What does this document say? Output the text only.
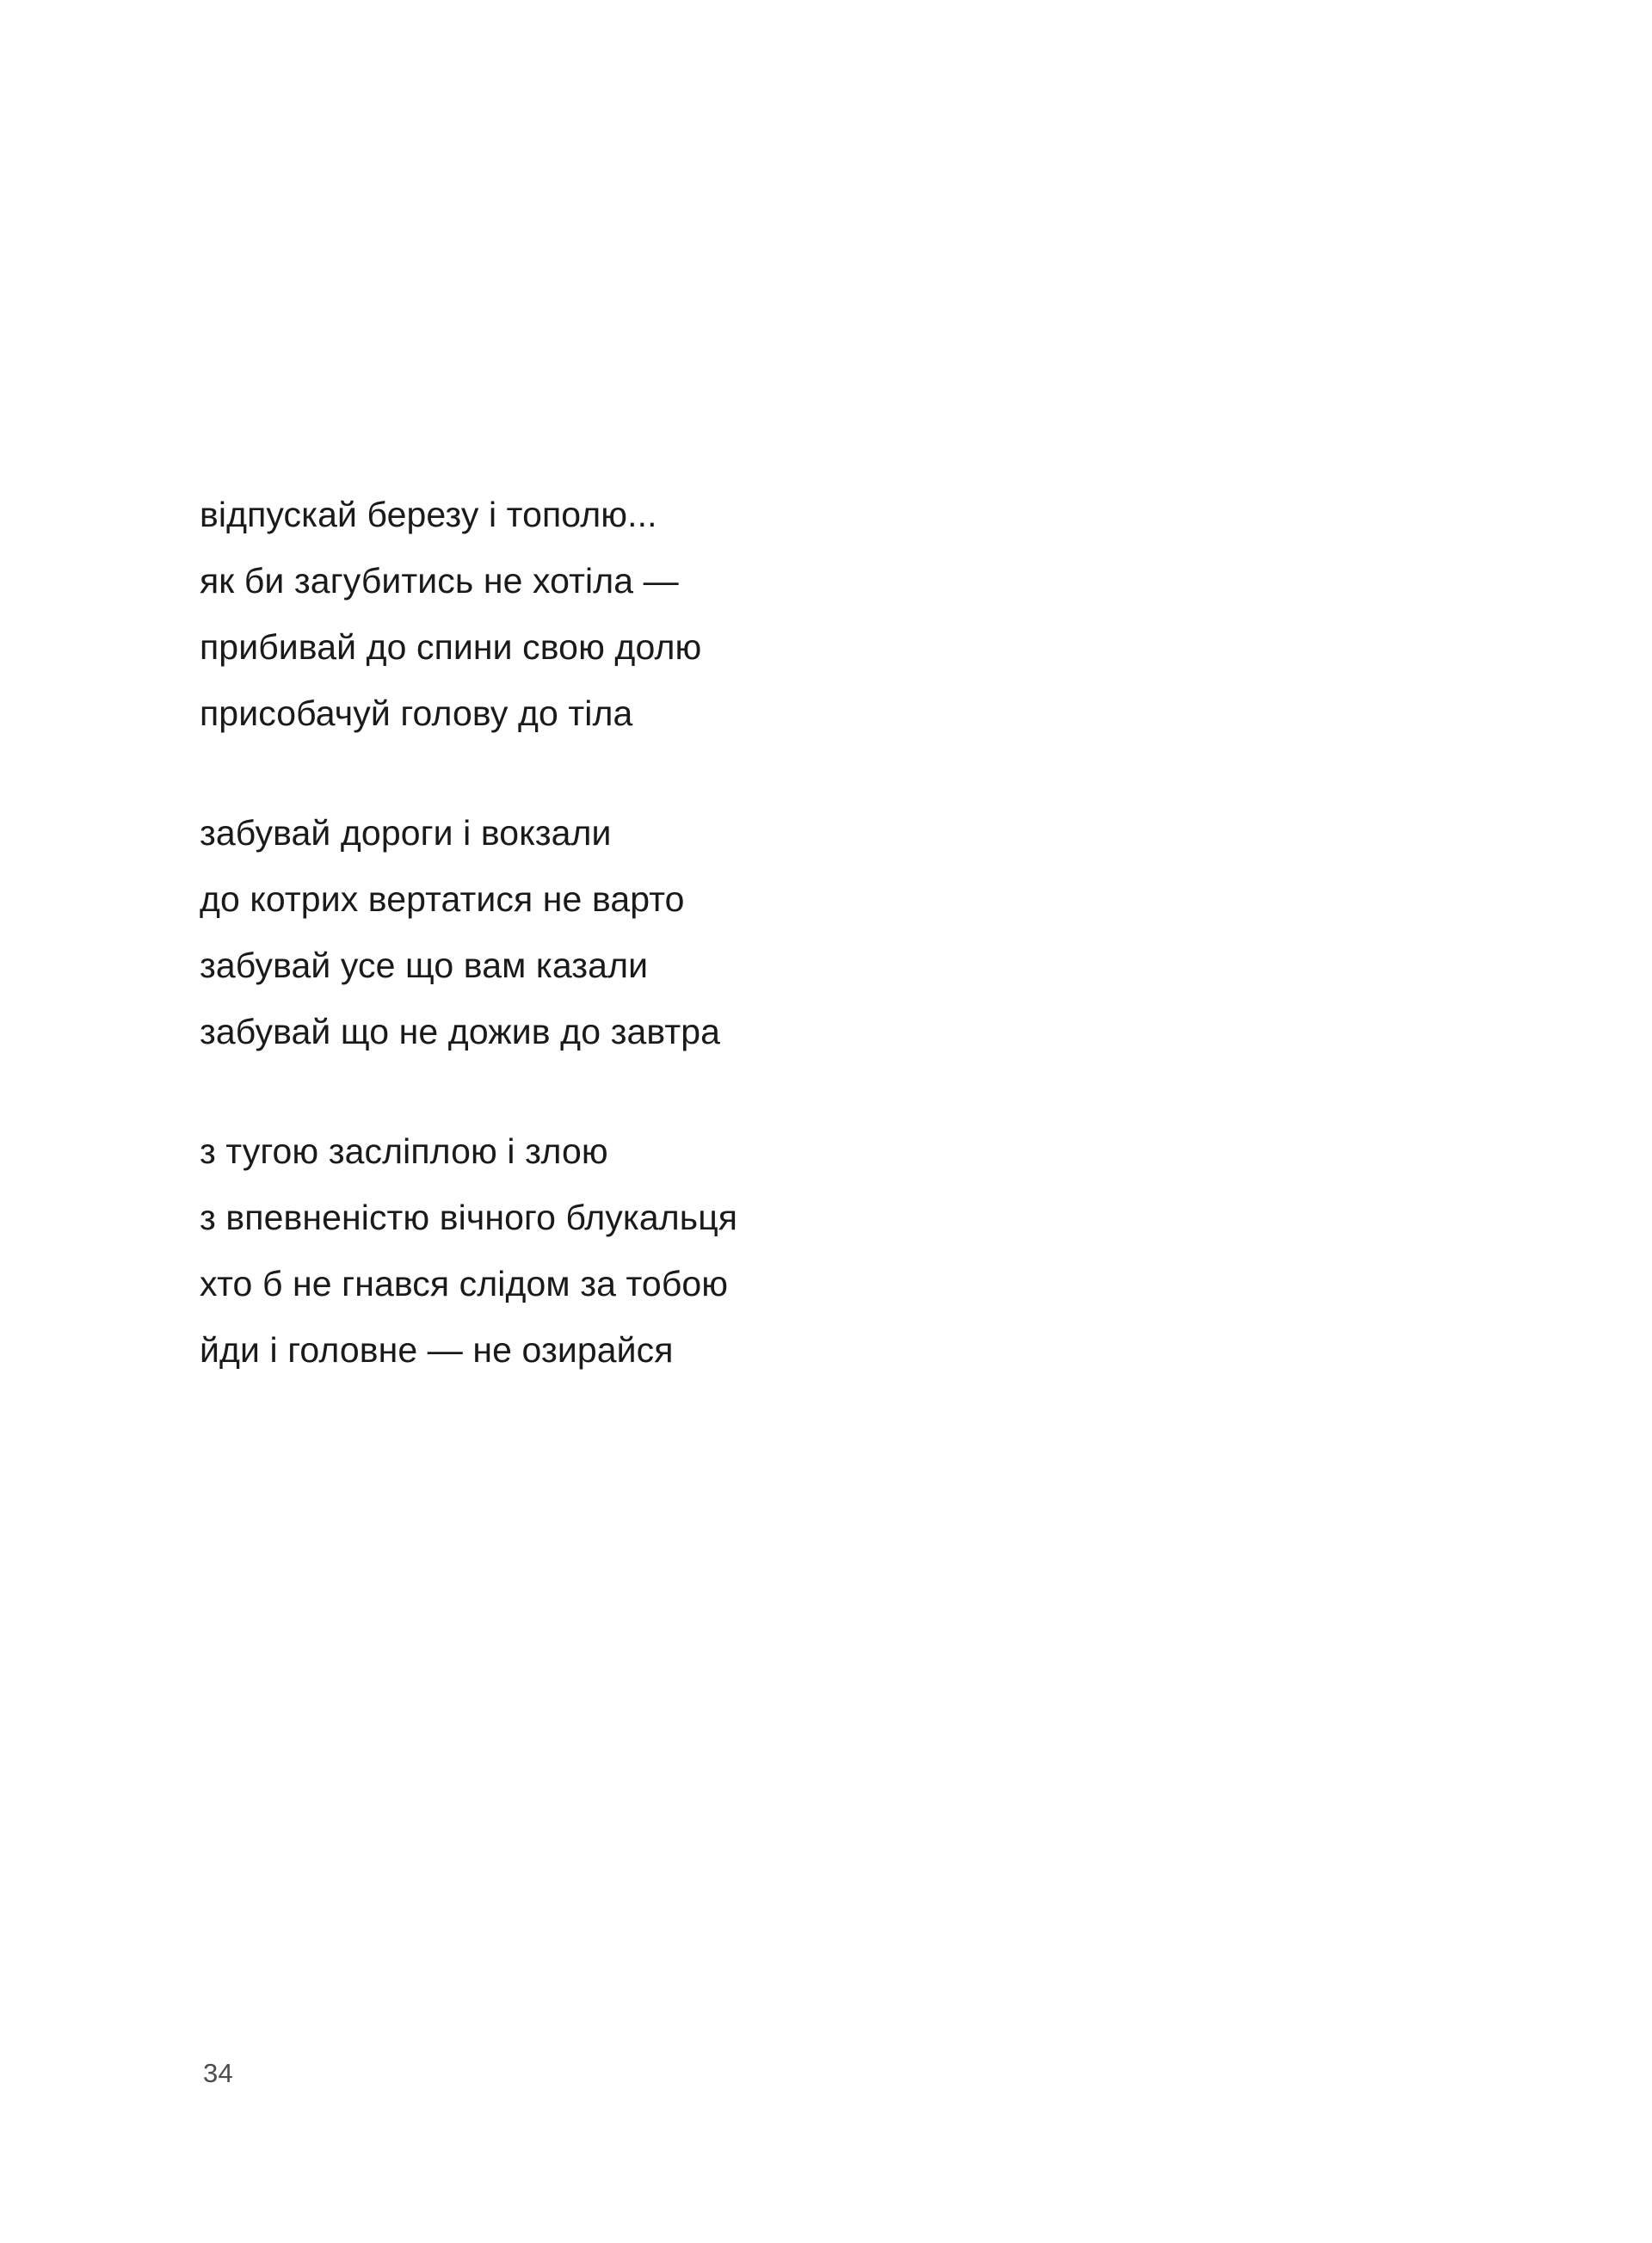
відпускай березу і тополю...
як би загубитись не хотіла —
прибивай до спини свою долю
присобачуй голову до тіла
забувай дороги і вокзали
до котрих вертатися не варто
забувай усе що вам казали
забувай що не дожив до завтра
з тугою засліплою і злою
з впевненістю вічного блукальця
хто б не гнався слідом за тобою
йди і головне — не озирайся
34
